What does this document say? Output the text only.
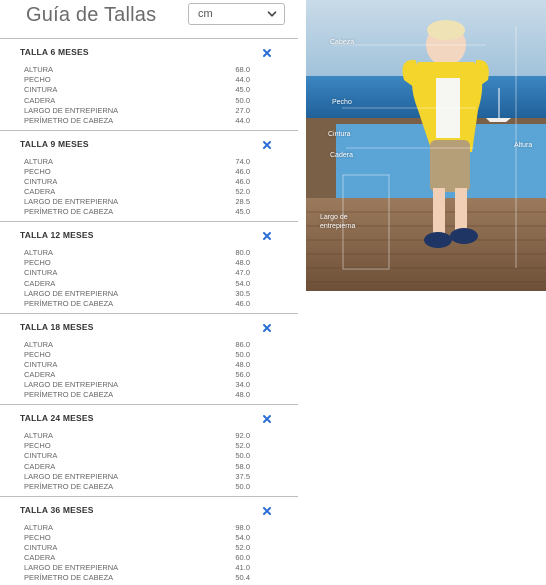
Guía de Tallas	cm
TALLA 6 MESES
ALTURA	68.0
PECHO	44.0
CINTURA	45.0
CADERA	50.0
LARGO DE ENTREPIERNA	27.0
PERÍMETRO DE CABEZA	44.0
TALLA 9 MESES
ALTURA	74.0
PECHO	46.0
CINTURA	46.0
CADERA	52.0
LARGO DE ENTREPIERNA	28.5
PERÍMETRO DE CABEZA	45.0
TALLA 12 MESES
ALTURA	80.0
PECHO	48.0
CINTURA	47.0
CADERA	54.0
LARGO DE ENTREPIERNA	30.5
PERÍMETRO DE CABEZA	46.0
TALLA 18 MESES
ALTURA	86.0
PECHO	50.0
CINTURA	48.0
CADERA	56.0
LARGO DE ENTREPIERNA	34.0
PERÍMETRO DE CABEZA	48.0
TALLA 24 MESES
ALTURA	92.0
PECHO	52.0
CINTURA	50.0
CADERA	58.0
LARGO DE ENTREPIERNA	37.5
PERÍMETRO DE CABEZA	50.0
TALLA 36 MESES
ALTURA	98.0
PECHO	54.0
CINTURA	52.0
CADERA	60.0
LARGO DE ENTREPIERNA	41.0
PERÍMETRO DE CABEZA	50.4
Cabeza
Pecho
Cintura
Cadera
Altura
Largo de
entrepierna
